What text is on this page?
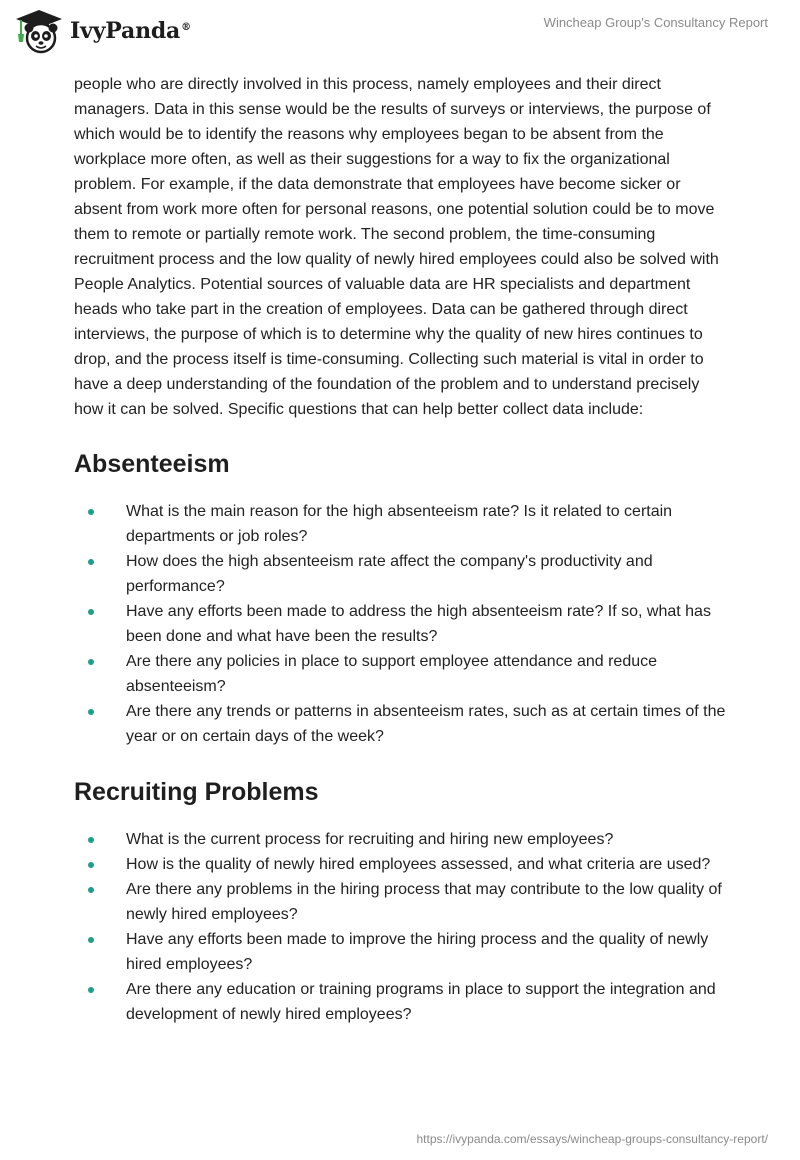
IvyPanda®	Wincheap Group's Consultancy Report

people who are directly involved in this process, namely employees and their direct managers. Data in this sense would be the results of surveys or interviews, the purpose of which would be to identify the reasons why employees began to be absent from the workplace more often, as well as their suggestions for a way to fix the organizational problem. For example, if the data demonstrate that employees have become sicker or absent from work more often for personal reasons, one potential solution could be to move them to remote or partially remote work. The second problem, the time-consuming recruitment process and the low quality of newly hired employees could also be solved with People Analytics. Potential sources of valuable data are HR specialists and department heads who take part in the creation of employees. Data can be gathered through direct interviews, the purpose of which is to determine why the quality of new hires continues to drop, and the process itself is time-consuming. Collecting such material is vital in order to have a deep understanding of the foundation of the problem and to understand precisely how it can be solved. Specific questions that can help better collect data include:

Absenteeism
What is the main reason for the high absenteeism rate? Is it related to certain departments or job roles?
How does the high absenteeism rate affect the company's productivity and performance?
Have any efforts been made to address the high absenteeism rate? If so, what has been done and what have been the results?
Are there any policies in place to support employee attendance and reduce absenteeism?
Are there any trends or patterns in absenteeism rates, such as at certain times of the year or on certain days of the week?
Recruiting Problems
What is the current process for recruiting and hiring new employees?
How is the quality of newly hired employees assessed, and what criteria are used?
Are there any problems in the hiring process that may contribute to the low quality of newly hired employees?
Have any efforts been made to improve the hiring process and the quality of newly hired employees?
Are there any education or training programs in place to support the integration and development of newly hired employees?
https://ivypanda.com/essays/wincheap-groups-consultancy-report/
